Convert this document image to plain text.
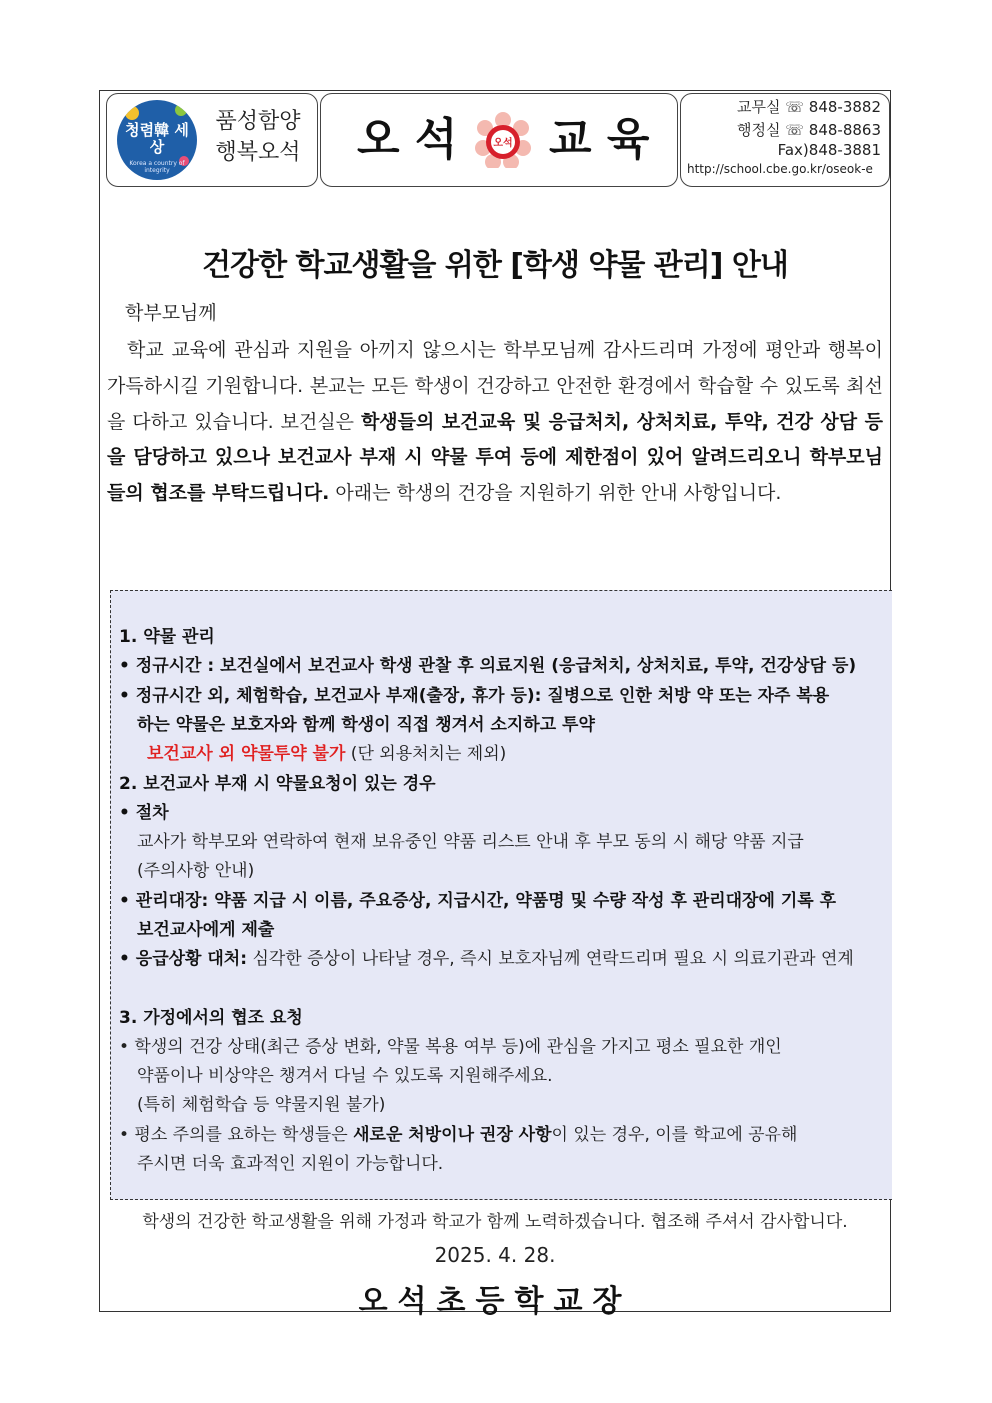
청렴韓 세상
Korea a country of integrity
품성함양
행복오석 오 석	오석 교 육
교무실 ☏ 848-3882
행정실 ☏ 848-8863
Fax)848-3881
http://school.cbe.go.kr/oseok-e
건강한 학교생활을 위한 [학생 약물 관리] 안내
학부모님께
학교 교육에 관심과 지원을 아끼지 않으시는 학부모님께 감사드리며 가정에 평안과 행복이 가득하시길 기원합니다. 본교는 모든 학생이 건강하고 안전한 환경에서 학습할 수 있도록 최선을 다하고 있습니다. 보건실은 학생들의 보건교육 및 응급처치, 상처치료, 투약, 건강 상담 등을 담당하고 있으나 보건교사 부재 시 약물 투여 등에 제한점이 있어 알려드리오니 학부모님들의 협조를 부탁드립니다. 아래는 학생의 건강을 지원하기 위한 안내 사항입니다.
1. 약물 관리
• 정규시간 : 보건실에서 보건교사 학생 관찰 후 의료지원 (응급처치, 상처치료, 투약, 건강상담 등)
• 정규시간 외, 체험학습, 보건교사 부재(출장, 휴가 등): 질병으로 인한 처방 약 또는 자주 복용
하는 약물은 보호자와 함께 학생이 직접 챙겨서 소지하고 투약
보건교사 외 약물투약 불가 (단 외용처치는 제외)
2. 보건교사 부재 시 약물요청이 있는 경우
• 절차
교사가 학부모와 연락하여 현재 보유중인 약품 리스트 안내 후 부모 동의 시 해당 약품 지급
(주의사항 안내)
• 관리대장: 약품 지급 시 이름, 주요증상, 지급시간, 약품명 및 수량 작성 후 관리대장에 기록 후
보건교사에게 제출
• 응급상황 대처: 심각한 증상이 나타날 경우, 즉시 보호자님께 연락드리며 필요 시 의료기관과 연계
3. 가정에서의 협조 요청
• 학생의 건강 상태(최근 증상 변화, 약물 복용 여부 등)에 관심을 가지고 평소 필요한 개인
약품이나 비상약은 챙겨서 다닐 수 있도록 지원해주세요.
(특히 체험학습 등 약물지원 불가)
• 평소 주의를 요하는 학생들은 새로운 처방이나 권장 사항이 있는 경우, 이를 학교에 공유해
주시면 더욱 효과적인 지원이 가능합니다.
학생의 건강한 학교생활을 위해 가정과 학교가 함께 노력하겠습니다. 협조해 주셔서 감사합니다.
2025. 4. 28.
오석초등학교장
